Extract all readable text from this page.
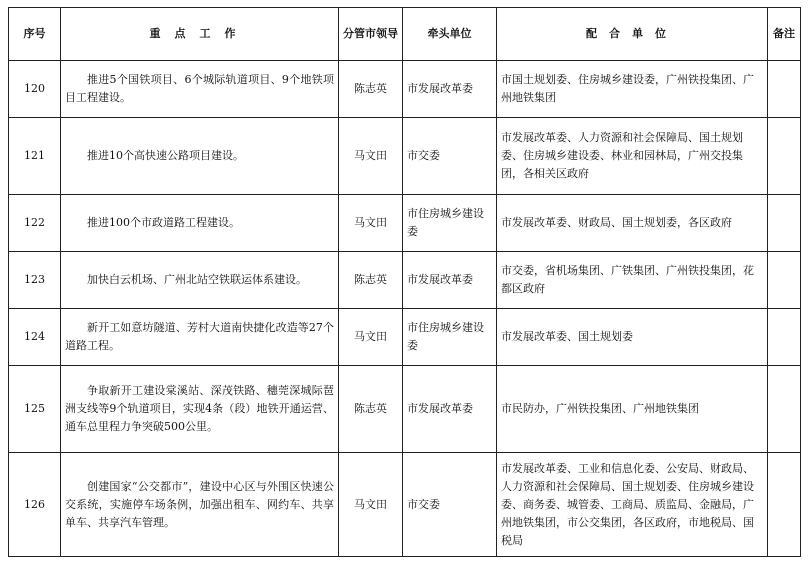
序号	重点工作	分管市领导	牵头单位	配合单位	备注
120	推进5个国铁项目、6个城际轨道项目、9个地铁项目工程建设。	陈志英	市发展改革委	市国土规划委、住房城乡建设委，广州铁投集团、广州地铁集团	
121	推进10个高快速公路项目建设。	马文田	市交委	市发展改革委、人力资源和社会保障局、国土规划委、住房城乡建设委、林业和园林局，广州交投集团，各相关区政府	
122	推进100个市政道路工程建设。	马文田	市住房城乡建设委	市发展改革委、财政局、国土规划委，各区政府	
123	加快白云机场、广州北站空铁联运体系建设。	陈志英	市发展改革委	市交委，省机场集团、广铁集团、广州铁投集团，花都区政府	
124	新开工如意坊隧道、芳村大道南快捷化改造等27个道路工程。	马文田	市住房城乡建设委	市发展改革委、国土规划委	
125	争取新开工建设棠溪站、深茂铁路、穗莞深城际琶洲支线等9个轨道项目，实现4条（段）地铁开通运营、通车总里程力争突破500公里。	陈志英	市发展改革委	市民防办，广州铁投集团、广州地铁集团	
126	创建国家“公交都市”，建设中心区与外围区快速公交系统，实施停车场条例，加强出租车、网约车、共享单车、共享汽车管理。	马文田	市交委	市发展改革委、工业和信息化委、公安局、财政局、人力资源和社会保障局、国土规划委、住房城乡建设委、商务委、城管委、工商局、质监局、金融局，广州地铁集团，市公交集团，各区政府，市地税局、国税局	
